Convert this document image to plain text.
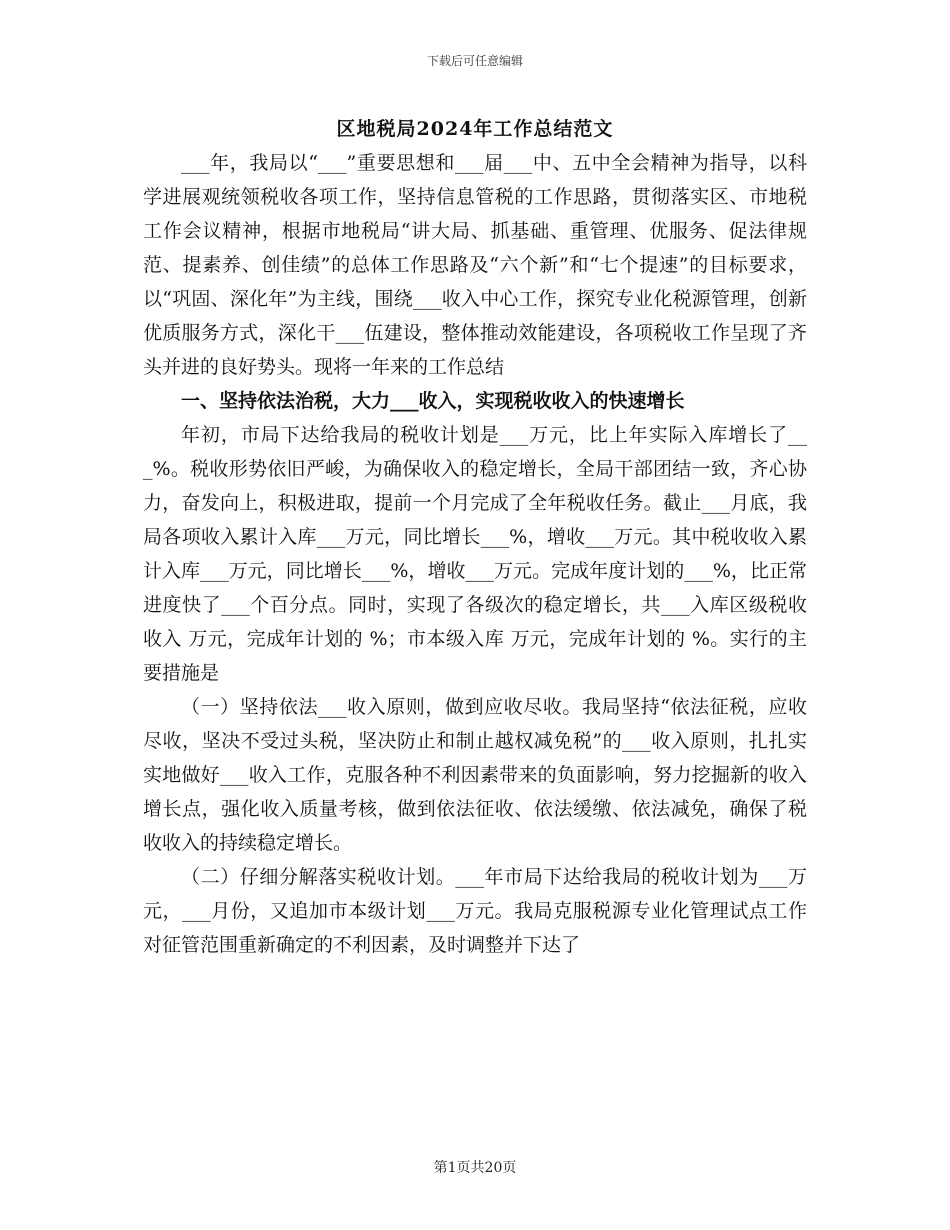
下载后可任意编辑
区地税局2024年工作总结范文

___年，我局以“___”重要思想和___届___中、五中全会精神为指导，以科学进展观统领税收各项工作，坚持信息管税的工作思路，贯彻落实区、市地税工作会议精神，根据市地税局“讲大局、抓基础、重管理、优服务、促法律规范、提素养、创佳绩”的总体工作思路及“六个新”和“七个提速”的目标要求，以“巩固、深化年”为主线，围绕___收入中心工作，探究专业化税源管理，创新优质服务方式，深化干___伍建设，整体推动效能建设，各项税收工作呈现了齐头并进的良好势头。现将一年来的工作总结

一、坚持依法治税，大力___收入，实现税收收入的快速增长

年初，市局下达给我局的税收计划是___万元，比上年实际入库增长了___%。税收形势依旧严峻，为确保收入的稳定增长，全局干部团结一致，齐心协力，奋发向上，积极进取，提前一个月完成了全年税收任务。截止___月底，我局各项收入累计入库___万元，同比增长___%，增收___万元。其中税收收入累计入库___万元，同比增长___%，增收___万元。完成年度计划的___%，比正常进度快了___个百分点。同时，实现了各级次的稳定增长，共___入库区级税收收入 万元，完成年计划的 %；市本级入库 万元，完成年计划的 %。实行的主要措施是

（一）坚持依法___收入原则，做到应收尽收。我局坚持“依法征税，应收尽收，坚决不受过头税，坚决防止和制止越权减免税”的___收入原则，扎扎实实地做好___收入工作，克服各种不利因素带来的负面影响，努力挖掘新的收入增长点，强化收入质量考核，做到依法征收、依法缓缴、依法减免，确保了税收收入的持续稳定增长。

（二）仔细分解落实税收计划。___年市局下达给我局的税收计划为___万元，___月份，又追加市本级计划___万元。我局克服税源专业化管理试点工作对征管范围重新确定的不利因素，及时调整并下达了

第1页共20页
